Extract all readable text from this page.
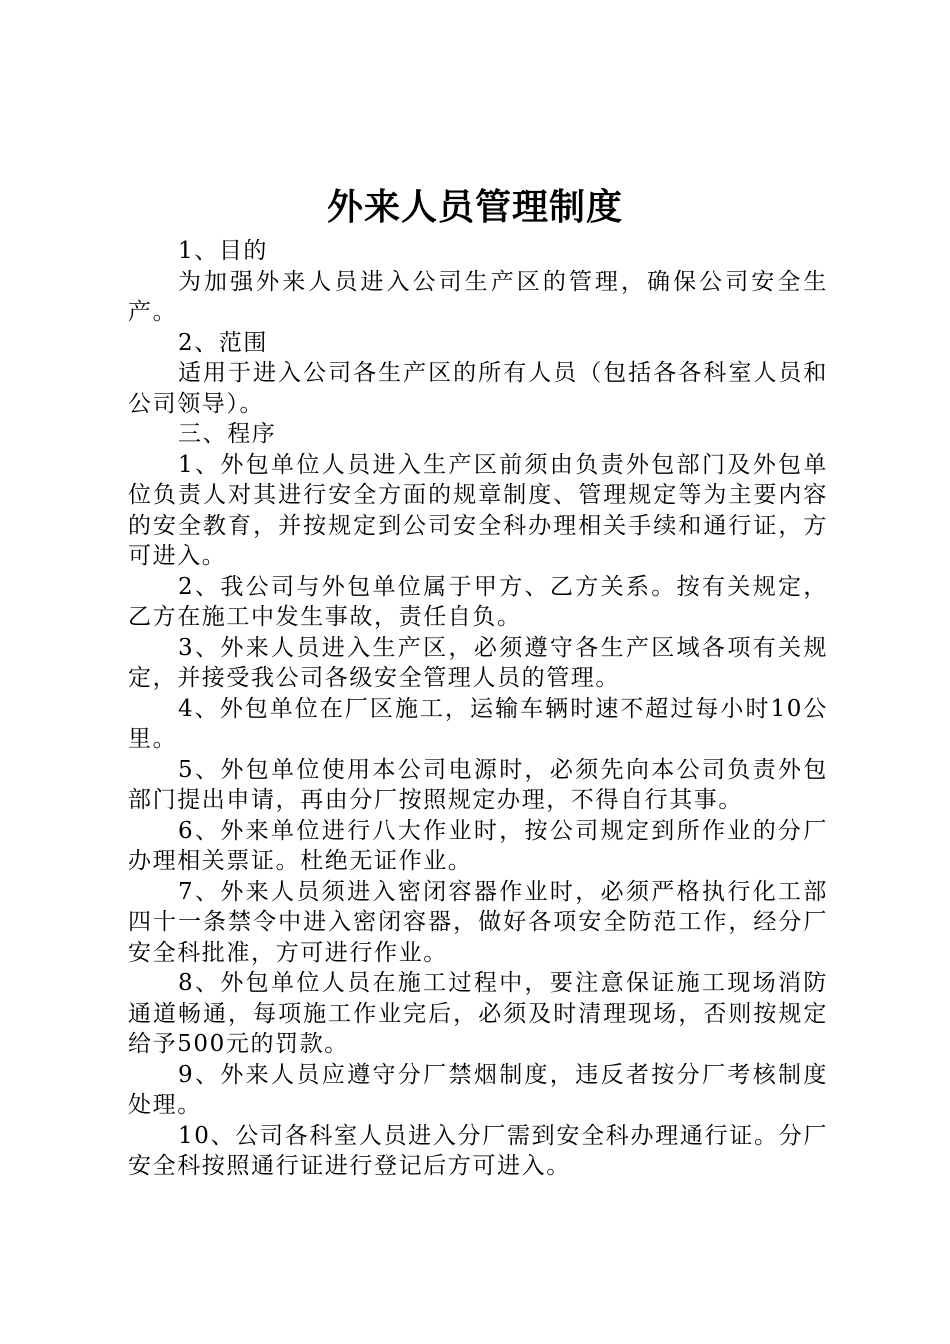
外来人员管理制度

1、目的

为加强外来人员进入公司生产区的管理，确保公司安全生产。

2、范围

适用于进入公司各生产区的所有人员（包括各各科室人员和公司领导）。

三、程序

1、外包单位人员进入生产区前须由负责外包部门及外包单位负责人对其进行安全方面的规章制度、管理规定等为主要内容的安全教育，并按规定到公司安全科办理相关手续和通行证，方可进入。

2、我公司与外包单位属于甲方、乙方关系。按有关规定，乙方在施工中发生事故，责任自负。

3、外来人员进入生产区，必须遵守各生产区域各项有关规定，并接受我公司各级安全管理人员的管理。

4、外包单位在厂区施工，运输车辆时速不超过每小时10公里。

5、外包单位使用本公司电源时，必须先向本公司负责外包部门提出申请，再由分厂按照规定办理，不得自行其事。

6、外来单位进行八大作业时，按公司规定到所作业的分厂办理相关票证。杜绝无证作业。

7、外来人员须进入密闭容器作业时，必须严格执行化工部四十一条禁令中进入密闭容器，做好各项安全防范工作，经分厂安全科批准，方可进行作业。

8、外包单位人员在施工过程中，要注意保证施工现场消防通道畅通，每项施工作业完后，必须及时清理现场，否则按规定给予500元的罚款。

9、外来人员应遵守分厂禁烟制度，违反者按分厂考核制度处理。

10、公司各科室人员进入分厂需到安全科办理通行证。分厂安全科按照通行证进行登记后方可进入。
